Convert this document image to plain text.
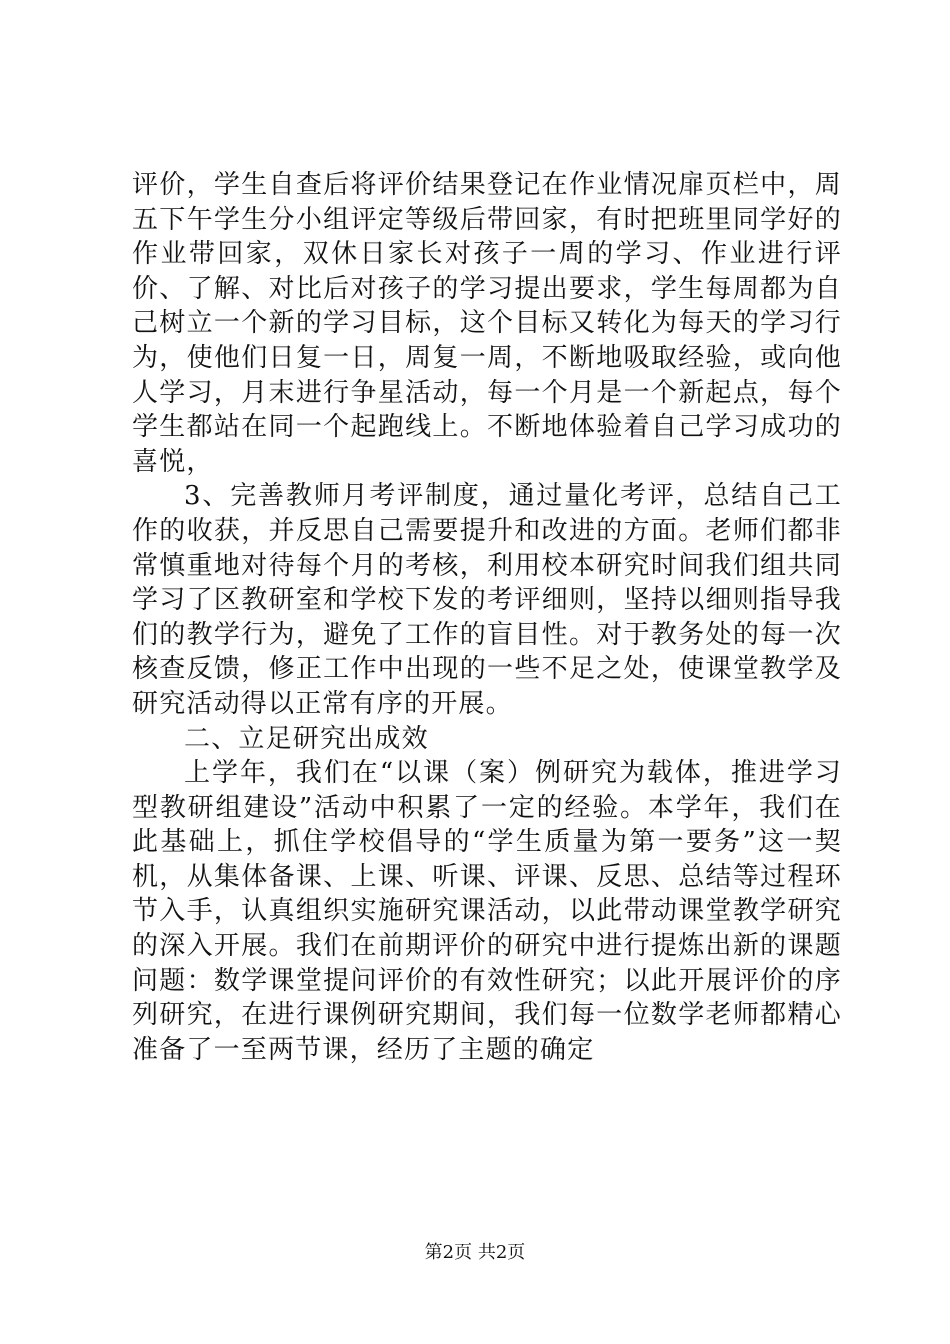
评价，学生自查后将评价结果登记在作业情况扉页栏中，周五下午学生分小组评定等级后带回家，有时把班里同学好的作业带回家，双休日家长对孩子一周的学习、作业进行评价、了解、对比后对孩子的学习提出要求，学生每周都为自己树立一个新的学习目标，这个目标又转化为每天的学习行为，使他们日复一日，周复一周，不断地吸取经验，或向他人学习，月末进行争星活动，每一个月是一个新起点，每个学生都站在同一个起跑线上。不断地体验着自己学习成功的喜悦，

3、完善教师月考评制度，通过量化考评，总结自己工作的收获，并反思自己需要提升和改进的方面。老师们都非常慎重地对待每个月的考核，利用校本研究时间我们组共同学习了区教研室和学校下发的考评细则，坚持以细则指导我们的教学行为，避免了工作的盲目性。对于教务处的每一次核查反馈，修正工作中出现的一些不足之处，使课堂教学及研究活动得以正常有序的开展。

二、立足研究出成效

上学年，我们在“以课（案）例研究为载体，推进学习型教研组建设”活动中积累了一定的经验。本学年，我们在此基础上，抓住学校倡导的“学生质量为第一要务”这一契机，从集体备课、上课、听课、评课、反思、总结等过程环节入手，认真组织实施研究课活动，以此带动课堂教学研究的深入开展。我们在前期评价的研究中进行提炼出新的课题问题：数学课堂提问评价的有效性研究；以此开展评价的序列研究，在进行课例研究期间，我们每一位数学老师都精心准备了一至两节课，经历了主题的确定

第2页 共2页
